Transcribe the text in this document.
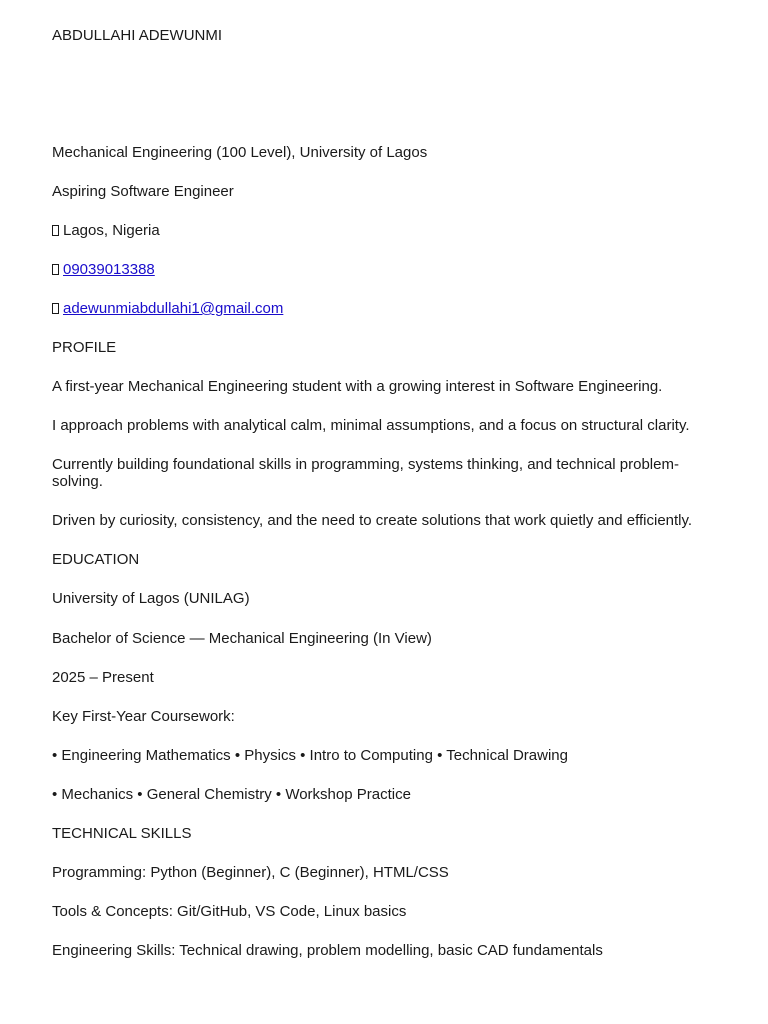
ABDULLAHI ADEWUNMI

Mechanical Engineering (100 Level), University of Lagos

Aspiring Software Engineer

Lagos, Nigeria

09039013388

adewunmiabdullahi1@gmail.com

PROFILE

A first-year Mechanical Engineering student with a growing interest in Software Engineering.

I approach problems with analytical calm, minimal assumptions, and a focus on structural clarity.

Currently building foundational skills in programming, systems thinking, and technical problem-solving.

Driven by curiosity, consistency, and the need to create solutions that work quietly and efficiently.

EDUCATION

University of Lagos (UNILAG)

Bachelor of Science — Mechanical Engineering (In View)

2025 – Present

Key First-Year Coursework:

• Engineering Mathematics • Physics • Intro to Computing • Technical Drawing

• Mechanics • General Chemistry • Workshop Practice

TECHNICAL SKILLS

Programming: Python (Beginner), C (Beginner), HTML/CSS

Tools & Concepts: Git/GitHub, VS Code, Linux basics

Engineering Skills: Technical drawing, problem modelling, basic CAD fundamentals
